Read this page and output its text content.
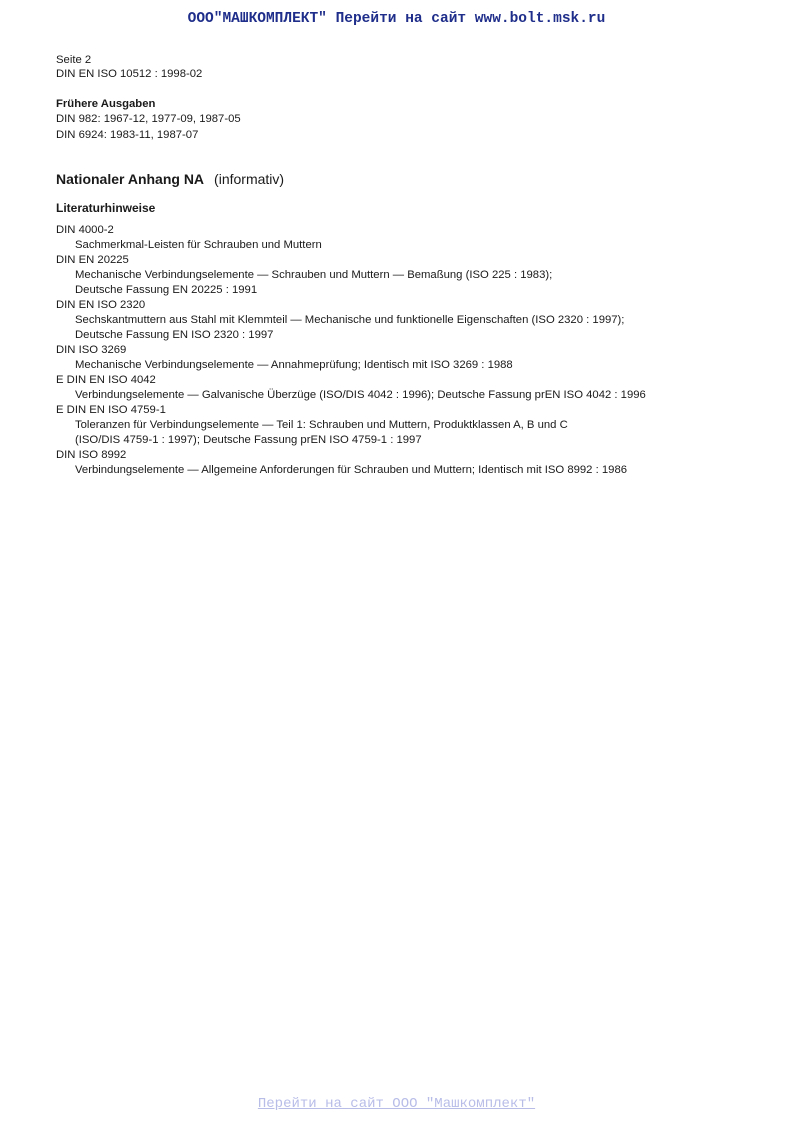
ООО"МАШКОМПЛЕКТ" Перейти на сайт www.bolt.msk.ru
Seite 2
DIN EN ISO 10512 : 1998-02
Frühere Ausgaben
DIN 982: 1967-12, 1977-09, 1987-05
DIN 6924: 1983-11, 1987-07
Nationaler Anhang NA (informativ)
Literaturhinweise
DIN 4000-2
Sachmerkmal-Leisten für Schrauben und Muttern
DIN EN 20225
Mechanische Verbindungselemente — Schrauben und Muttern — Bemaßung (ISO 225 : 1983);
Deutsche Fassung EN 20225 : 1991
DIN EN ISO 2320
Sechskantmuttern aus Stahl mit Klemmteil — Mechanische und funktionelle Eigenschaften (ISO 2320 : 1997);
Deutsche Fassung EN ISO 2320 : 1997
DIN ISO 3269
Mechanische Verbindungselemente — Annahmeprüfung; Identisch mit ISO 3269 : 1988
E DIN EN ISO 4042
Verbindungselemente — Galvanische Überzüge (ISO/DIS 4042 : 1996); Deutsche Fassung prEN ISO 4042 : 1996
E DIN EN ISO 4759-1
Toleranzen für Verbindungselemente — Teil 1: Schrauben und Muttern, Produktklassen A, B und C
(ISO/DIS 4759-1 : 1997); Deutsche Fassung prEN ISO 4759-1 : 1997
DIN ISO 8992
Verbindungselemente — Allgemeine Anforderungen für Schrauben und Muttern; Identisch mit ISO 8992 : 1986
Перейти на сайт ООО "Машкомплект"
